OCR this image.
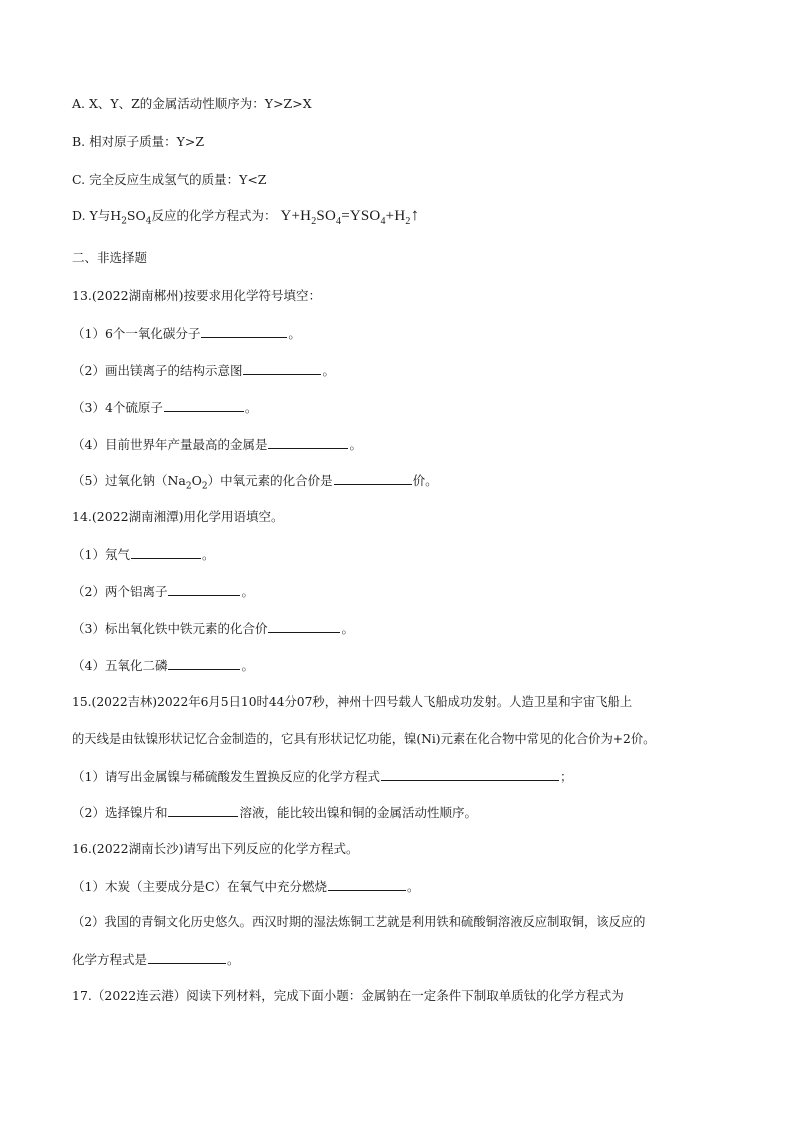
A. X、Y、Z的金属活动性顺序为：Y>Z>X
B. 相对原子质量：Y>Z
C. 完全反应生成氢气的质量：Y<Z
D. Y与$H_2SO_4$反应的化学方程式为： $Y+H_2SO_4=YSO_4+H_2↑$
二、非选择题
13.(2022湖南郴州)按要求用化学符号填空：
（1）6个一氧化碳分子	。
（2）画出镁离子的结构示意图	。
（3）4个硫原子	。
（4）目前世界年产量最高的金属是	。
（5）过氧化钠$(Na_2O_2)$中氧元素的化合价是	价。
14.(2022湖南湘潭)用化学用语填空。
（1）氖气	。
（2）两个铝离子	。
（3）标出氧化铁中铁元素的化合价	。
（4）五氧化二磷	。
15.(2022吉林)2022年6月5日10时44分07秒，神州十四号载人飞船成功发射。人造卫星和宇宙飞船上
的天线是由钛镍形状记忆合金制造的，它具有形状记忆功能，镍(Ni)元素在化合物中常见的化合价为+2价。
（1）请写出金属镍与稀硫酸发生置换反应的化学方程式	；
（2）选择镍片和	溶液，能比较出镍和铜的金属活动性顺序。
16.(2022湖南长沙)请写出下列反应的化学方程式。
（1）木炭（主要成分是C）在氧气中充分燃烧	。
（2）我国的青铜文化历史悠久。西汉时期的湿法炼铜工艺就是利用铁和硫酸铜溶液反应制取铜，该反应的
化学方程式是	。
17.（2022连云港）阅读下列材料，完成下面小题：金属钠在一定条件下制取单质钛的化学方程式为
